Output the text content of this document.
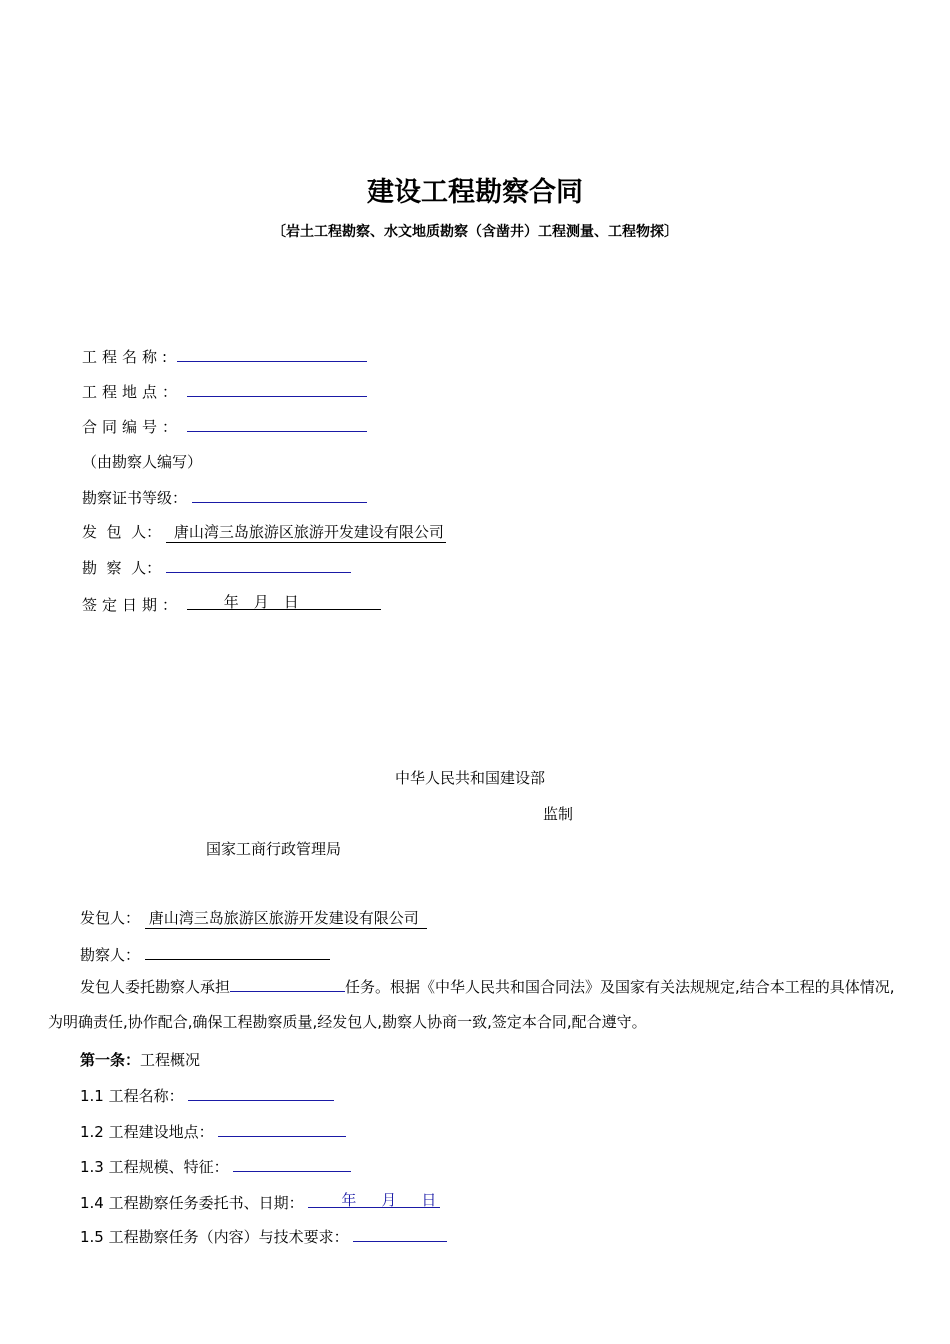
建设工程勘察合同
〔岩土工程勘察、水文地质勘察（含凿井）工程测量、工程物探〕
工程名称:
工程地点：
合同编号：
（由勘察人编写）
勘察证书等级：
发  包  人： 唐山湾三岛旅游区旅游开发建设有限公司
勘  察  人：
签定日期：	年 月 日
中华人民共和国建设部
监制
国家工商行政管理局
发包人： 唐山湾三岛旅游区旅游开发建设有限公司
勘察人：
发包人委托勘察人承担	任务。根据《中华人民共和国合同法》及国家有关法规规定,结合本工程的具体情况,为明确责任,协作配合,确保工程勘察质量,经发包人,勘察人协商一致,签定本合同,配合遵守。
第一条：工程概况
1.1 工程名称：
1.2 工程建设地点：
1.3 工程规模、特征：
1.4 工程勘察任务委托书、日期：	年 月 日
1.5 工程勘察任务（内容）与技术要求：
